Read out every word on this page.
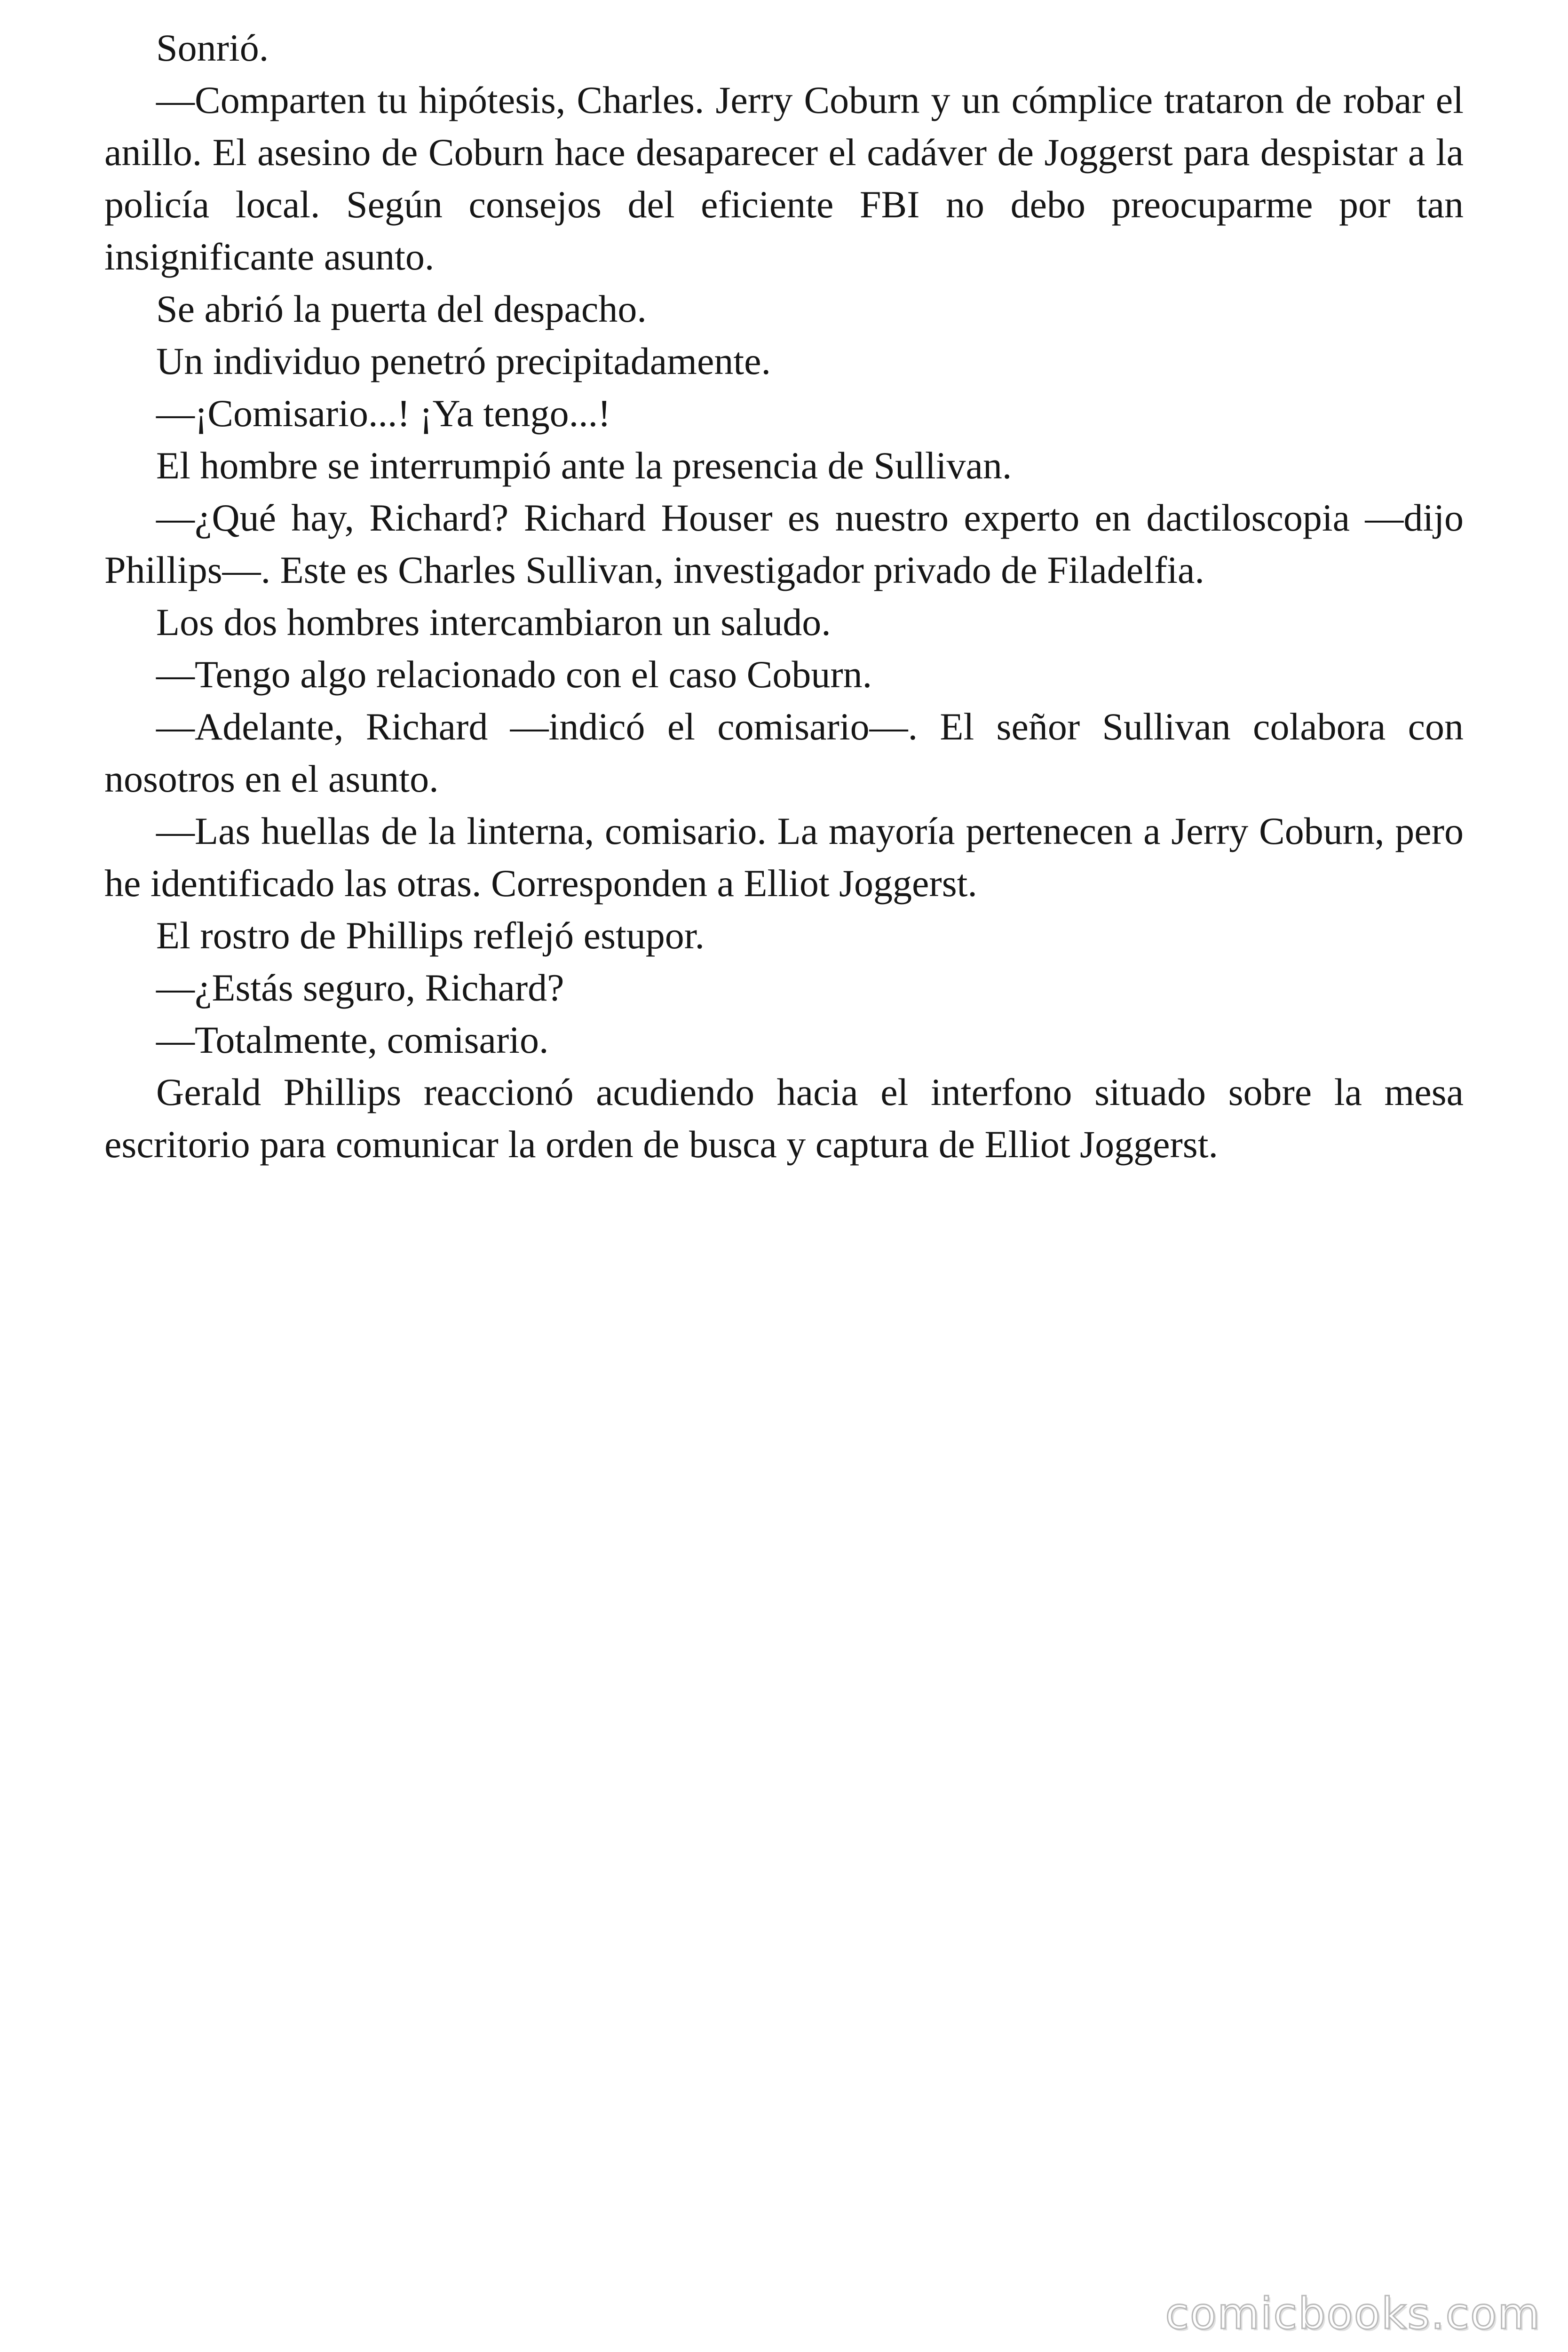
Sonrió.

—Comparten tu hipótesis, Charles. Jerry Coburn y un cómplice trataron de robar el anillo. El asesino de Coburn hace desaparecer el cadáver de Joggerst para despistar a la policía local. Según consejos del eficiente FBI no debo preocuparme por tan insignificante asunto.

Se abrió la puerta del despacho.

Un individuo penetró precipitadamente.

—¡Comisario...! ¡Ya tengo...!

El hombre se interrumpió ante la presencia de Sullivan.

—¿Qué hay, Richard? Richard Houser es nuestro experto en dactiloscopia —dijo Phillips—. Este es Charles Sullivan, investigador privado de Filadelfia.

Los dos hombres intercambiaron un saludo.

—Tengo algo relacionado con el caso Coburn.

—Adelante, Richard —indicó el comisario—. El señor Sullivan colabora con nosotros en el asunto.

—Las huellas de la linterna, comisario. La mayoría pertenecen a Jerry Coburn, pero he identificado las otras. Corresponden a Elliot Joggerst.

El rostro de Phillips reflejó estupor.

—¿Estás seguro, Richard?

—Totalmente, comisario.

Gerald Phillips reaccionó acudiendo hacia el interfono situado sobre la mesa escritorio para comunicar la orden de busca y captura de Elliot Joggerst.

comicbooks.com
